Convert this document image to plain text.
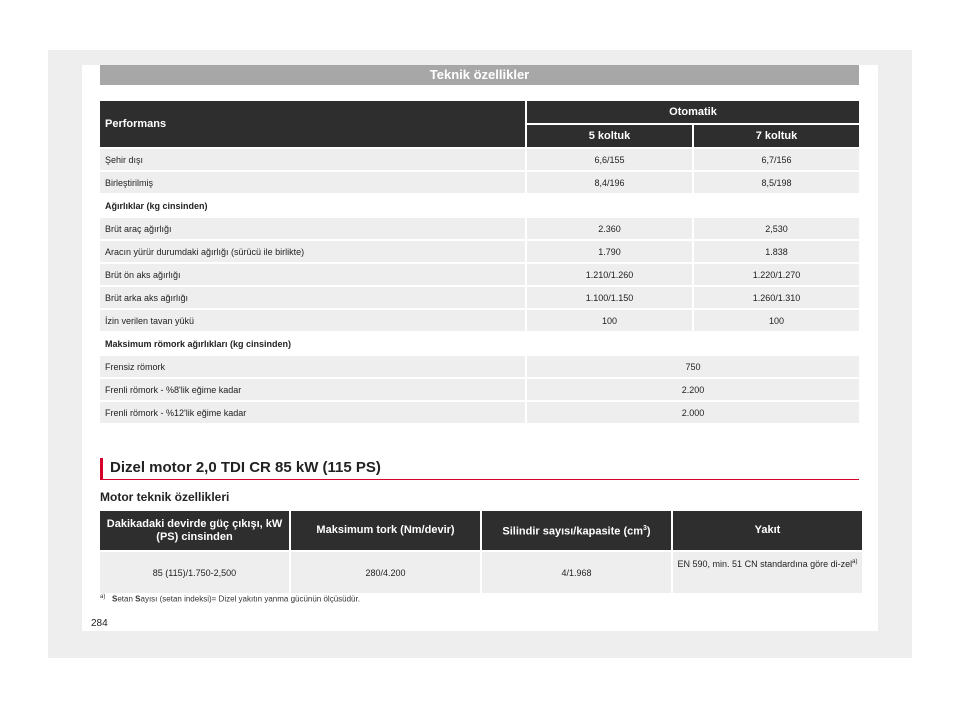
Teknik özellikler
Performans	Otomatik	
	5 koltuk	7 koltuk
Şehir dışı	6,6/155	6,7/156
Birleştirilmiş	8,4/196	8,5/198
Ağırlıklar (kg cinsinden)		
Brüt araç ağırlığı	2.360	2,530
Aracın yürür durumdaki ağırlığı (sürücü ile birlikte)	1.790	1.838
Brüt ön aks ağırlığı	1.210/1.260	1.220/1.270
Brüt arka aks ağırlığı	1.100/1.150	1.260/1.310
İzin verilen tavan yükü	100	100
Maksimum römork ağırlıkları (kg cinsinden)		
Frensiz römork	750	
Frenli römork - %8'lik eğime kadar	2.200	
Frenli römork - %12'lik eğime kadar	2.000	
Dizel motor 2,0 TDI CR 85 kW (115 PS)
Motor teknik özellikleri
Dakikadaki devirde güç çıkışı, kW (PS) cinsinden	Maksimum tork (Nm/devir)	Silindir sayısı/kapasite $(cm^3)$	Yakıt
85 (115)/1.750-2,500	280/4.200	4/1.968	EN 590, min. 51 CN standardına göre di-zel$^{a)}$
$^{a)}$ Setan Sayısı (setan indeksi)= Dizel yakıtın yanma gücünün ölçüsüdür.
284
